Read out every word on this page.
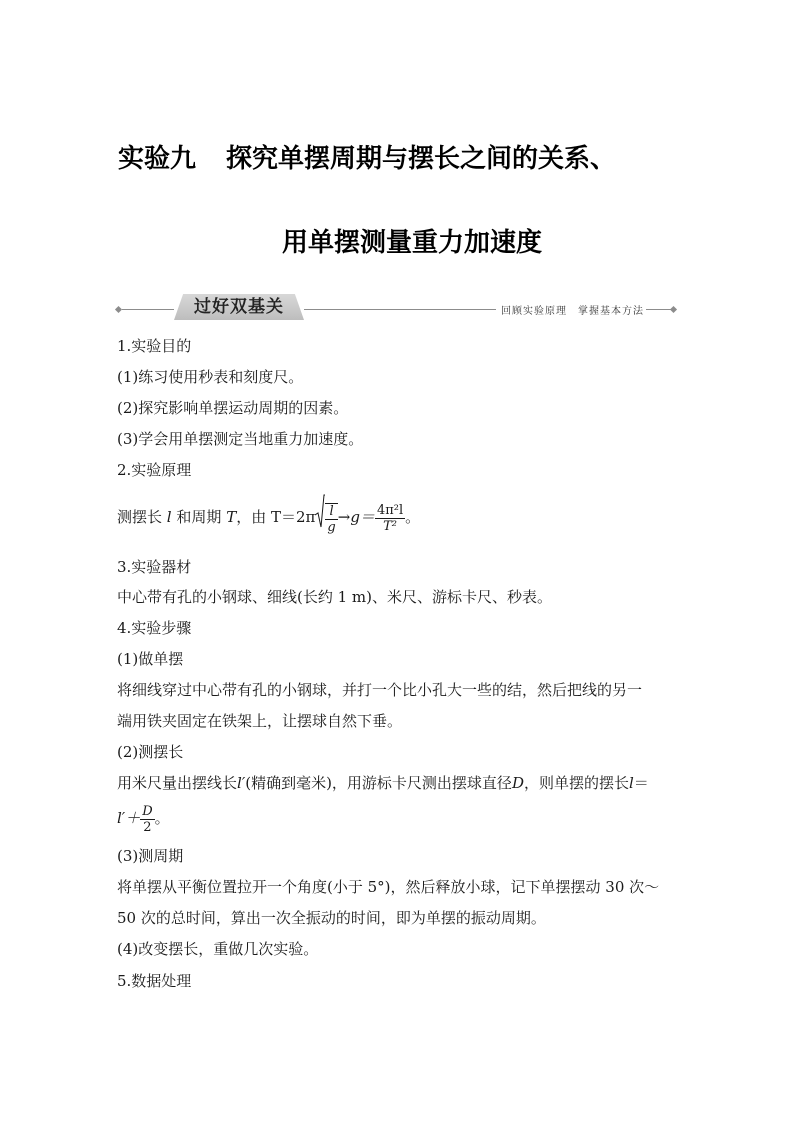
实验九 探究单摆周期与摆长之间的关系、
用单摆测量重力加速度
过好双基关	回顾实验原理　掌握基本方法
1.实验目的
(1)练习使用秒表和刻度尺。
(2)探究影响单摆运动周期的因素。
(3)学会用单摆测定当地重力加速度。
2.实验原理
测摆长 l 和周期 T，由 $T=2\pi \frac{l}{g} \to g= \frac{\text{4π²l}}{\text{T²}}$ 。
3.实验器材
中心带有孔的小钢球、细线(长约 1 m)、米尺、游标卡尺、秒表。
4.实验步骤
(1)做单摆
将细线穿过中心带有孔的小钢球，并打一个比小孔大一些的结，然后把线的另一
端用铁夹固定在铁架上，让摆球自然下垂。
(2)测摆长
用米尺量出摆线长l′(精确到毫米)，用游标卡尺测出摆球直径D，则单摆的摆长l＝
$l'+ \frac{D}{2}$ 。
(3)测周期
将单摆从平衡位置拉开一个角度(小于 5°)，然后释放小球，记下单摆摆动 30 次～
50 次的总时间，算出一次全振动的时间，即为单摆的振动周期。
(4)改变摆长，重做几次实验。
5.数据处理
